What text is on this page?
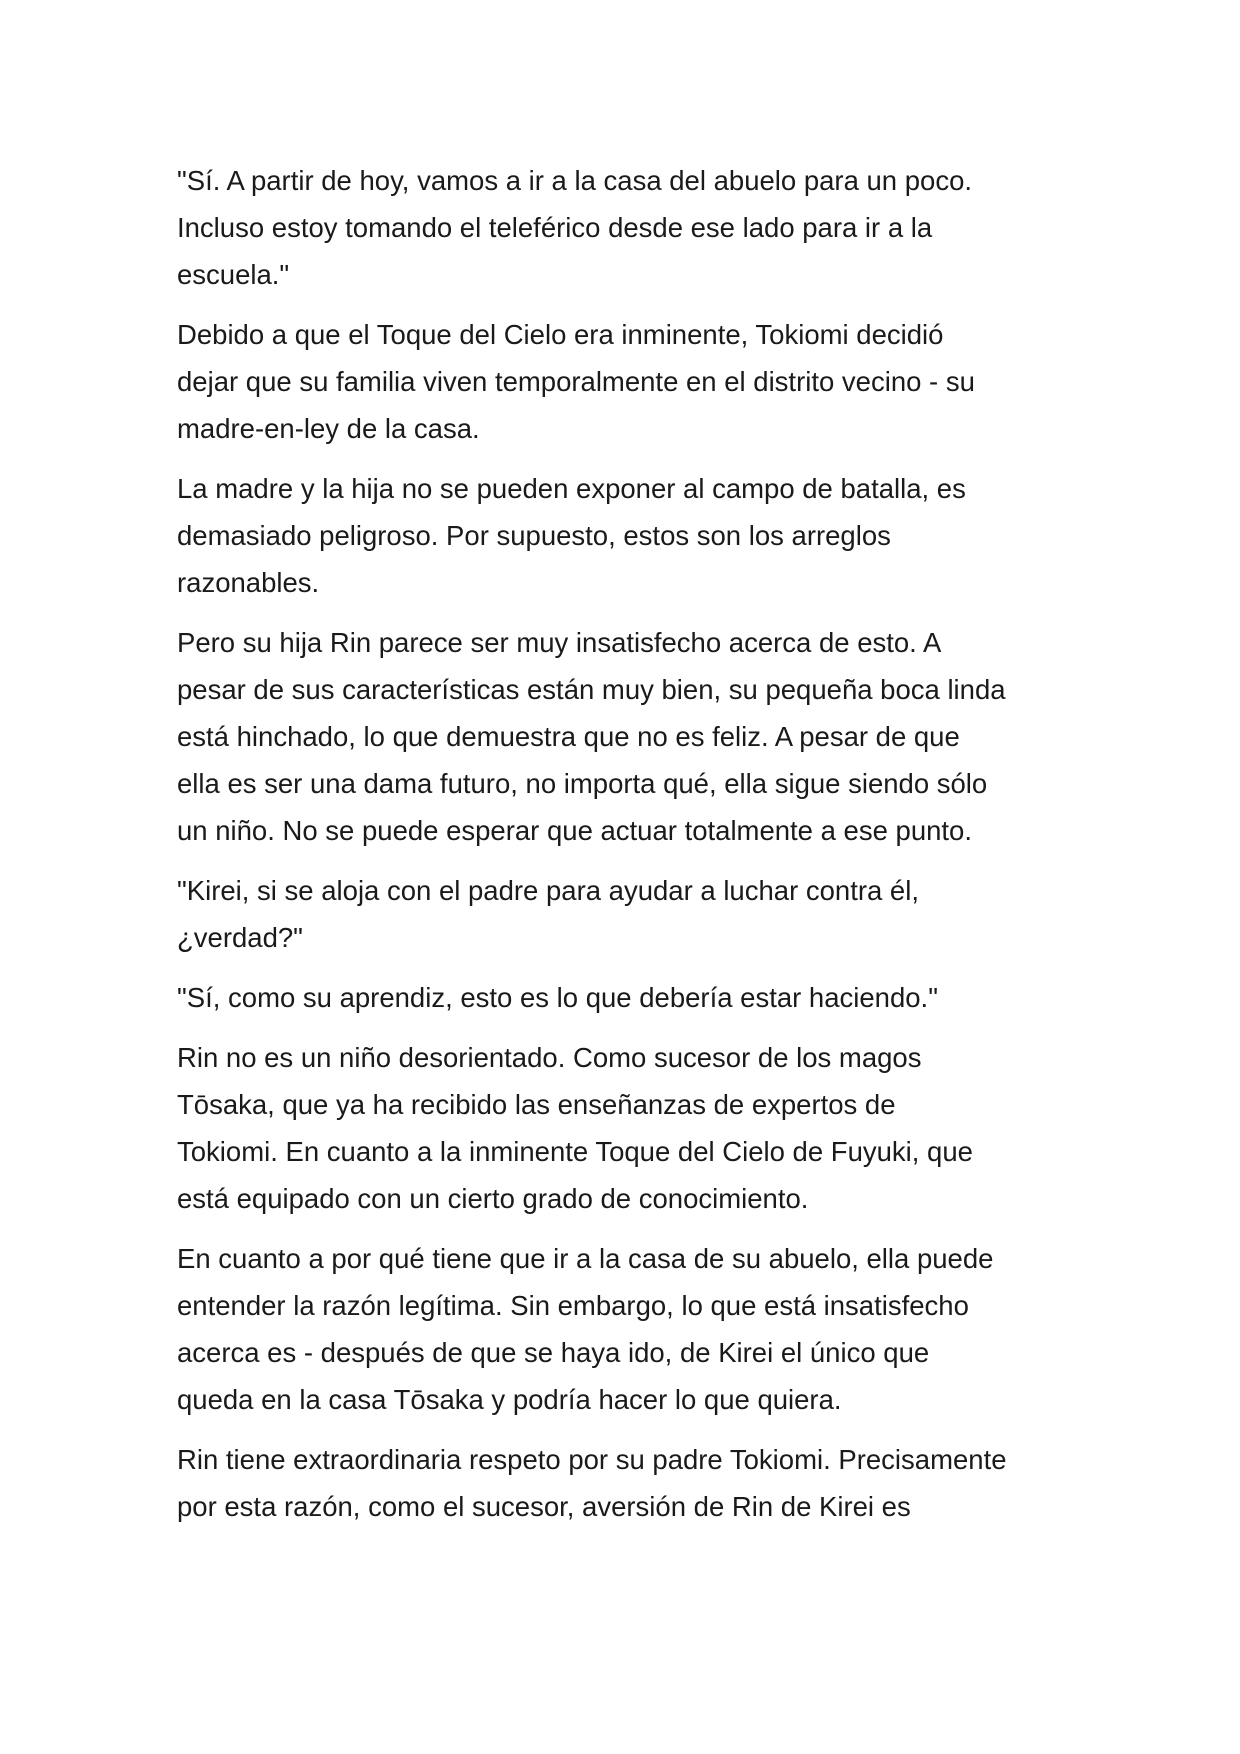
"Sí. A partir de hoy, vamos a ir a la casa del abuelo para un poco.
Incluso estoy tomando el teleférico desde ese lado para ir a la
escuela."

Debido a que el Toque del Cielo era inminente, Tokiomi decidió
dejar que su familia viven temporalmente en el distrito vecino - su
madre-en-ley de la casa.

La madre y la hija no se pueden exponer al campo de batalla, es
demasiado peligroso. Por supuesto, estos son los arreglos
razonables.

Pero su hija Rin parece ser muy insatisfecho acerca de esto. A
pesar de sus características están muy bien, su pequeña boca linda
está hinchado, lo que demuestra que no es feliz. A pesar de que
ella es ser una dama futuro, no importa qué, ella sigue siendo sólo
un niño. No se puede esperar que actuar totalmente a ese punto.

"Kirei, si se aloja con el padre para ayudar a luchar contra él,
¿verdad?"

"Sí, como su aprendiz, esto es lo que debería estar haciendo."

Rin no es un niño desorientado. Como sucesor de los magos
Tōsaka, que ya ha recibido las enseñanzas de expertos de
Tokiomi. En cuanto a la inminente Toque del Cielo de Fuyuki, que
está equipado con un cierto grado de conocimiento.

En cuanto a por qué tiene que ir a la casa de su abuelo, ella puede
entender la razón legítima. Sin embargo, lo que está insatisfecho
acerca es - después de que se haya ido, de Kirei el único que
queda en la casa Tōsaka y podría hacer lo que quiera.

Rin tiene extraordinaria respeto por su padre Tokiomi. Precisamente
por esta razón, como el sucesor, aversión de Rin de Kirei es
